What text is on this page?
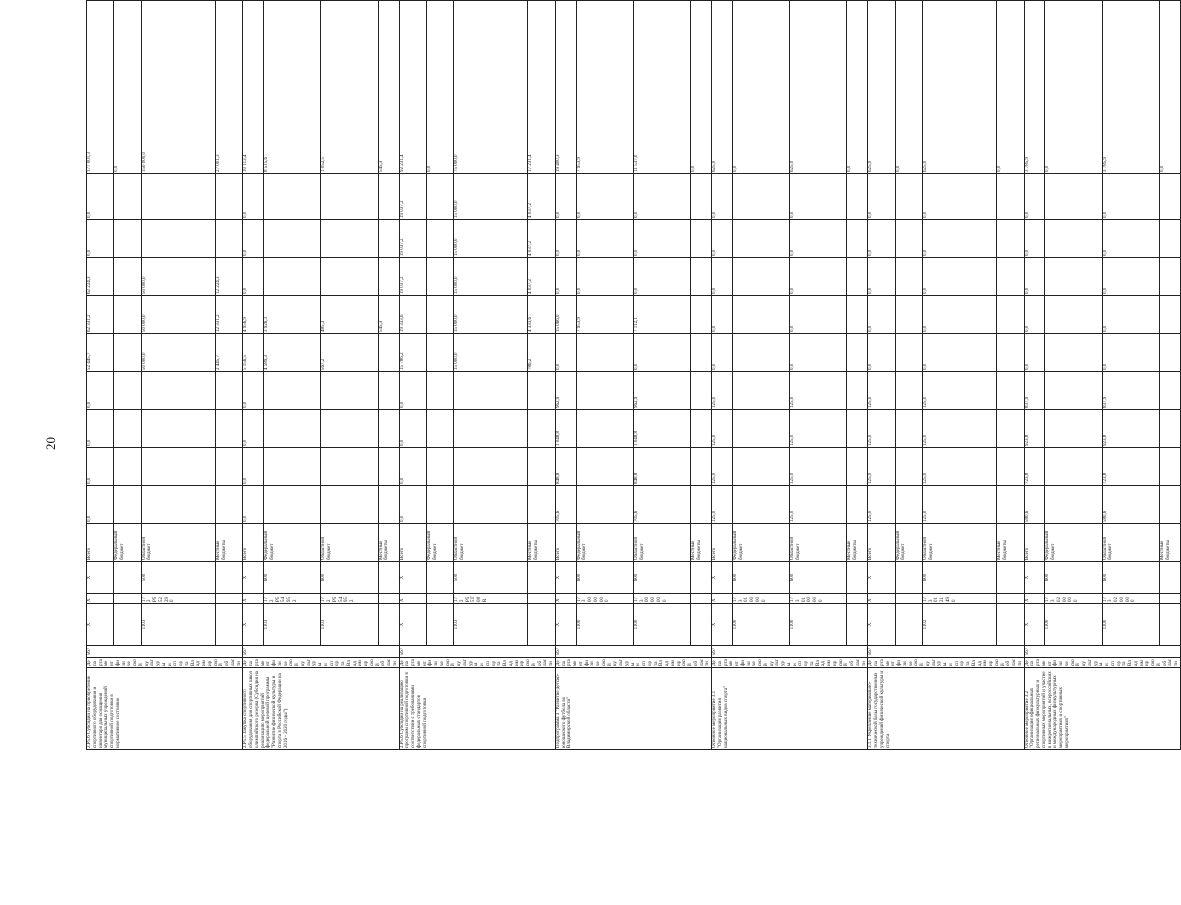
20
2.P5.6 Субсидии на приобретение спортивного оборудования и инвентаря для оснащения муниципальных учреждений спортивной подготовки в нормативное состояние	Департамент физической культуры и спорта Владимирской области	567	X	X	X	Всего	0,0	0,0	0,0	0,0	52 445,7	62 331,2	62 224,3	0,0	0,0	177 001,3
						Федеральный бюджет										0,0
			1103	17 2 P5 52290	500	Областной бюджет					50 000,0	50 000,0	50 000,0			150 000,0
						Местные бюджеты					2 445,7	12 331,2	12 224,3			27 001,3
2.P5.5 Закупка спортивного оборудования для спортивных школ олимпийского резерва (Субсидия на реализацию мероприятий федеральной целевой программы "Развитие физической культуры и спорта в Российской Федерации на 2016 - 2020 годы")	Департамент физической культуры и спорта Владимирской области	567	X	X	X	Всего	0,0	0,0	0,0	0,0	5 156,5	4 956,9	0,0	0,0	0,0	10 113,4
			1103	17 2 P5 54952	600	Федеральный бюджет					4 589,3	3 926,3				8 515,6
			1103	17 2 P5 54952	600	Областной бюджет					567,2	485,3				1 052,5
						Местные бюджеты						545,3				545,3
2.P5.6 Субсидии на реализацию программ спортивной подготовки в соответствии с требованиями федеральных стандартов спортивной подготовки	Департамент физической культуры и спорта Владимирской области	567	X	X	X	Всего	0,0	0,0	0,0	0,0	15 786,2	19 333,6	19 037,2	19 037,2	19 037,2	92 231,4
						Федеральный бюджет										0,0
			1103	17 2 P5 5Т08R	500	Областной бюджет					15 000,0	15 000,0	15 000,0	15 000,0	15 000,0	75 000,0
						Местные бюджеты					786,2	4 333,6	4 037,2	4 037,2	4 037,2	17 231,4
Подпрограмма 3 "Развитие детско-юношеского футбола во Владимирской области"	Департамент физической культуры и спорта Владимирской области	567	X	X	X	Всего	705,6	848,8	1 048,8	962,9	0,0	15 066,0	0,0	0,0	0,0	19 400,3
			1100	17 3 00 00000	600	Федеральный бюджет						7 953,9	0,0	0,0	0,0	7 953,9
			1100	17 3 00 00000	600	Областной бюджет	705,6	848,8	1 048,8	962,9	0,0	7 112,1	0,0	0,0	0,0	11 537,0
						Местные бюджеты										0,0
Основное мероприятие 3.1 "Организация развития национальных видов спорта"	Департамент физической культуры и спорта Владимирской области	567	X	X	X	Всего	125,0	125,0	125,0	125,0	0,0	0,0	0,0	0,0	0,0	625,0
			1100	17 3 01 00000	600	Федеральный бюджет										0,0
			1100	17 3 01 00000	600	Областной бюджет	125,0	125,0	125,0	125,0	0,0	0,0	0,0	0,0	0,0	625,0
						Местные бюджеты										0,0
3.1.1 Укрепление материально-технической базы государственных учреждений физической культуры и спорта	Департамент физической культуры и спорта Владимирской области	567	X	X	X	Всего	125,0	125,0	125,0	125,0	0,0	0,0	0,0	0,0	0,0	625,0
						Федеральный бюджет										0,0
			1102	17 3 01 21490	600	Областной бюджет	125,0	125,0	125,0	125,0	0,0	0,0	0,0	0,0	0,0	625,0
						Местные бюджеты										0,0
Основное мероприятие 3.2 "Организация официальных региональных физкультурных и спортивных мероприятий и участие в межрегиональных, всероссийских и международных физкультурных мероприятиях и спортивных мероприятиях"	Департамент физической культуры и спорта Владимирской области	567	X	X	X	Всего	580,6	723,8	923,8	837,9	0,0	0,0	0,0	0,0	0,0	3 785,9
			1100	17 3 02 00000	600	Федеральный бюджет										0,0
			1100	17 3 02 00000	600	Областной бюджет	580,6	723,8	923,8	837,9	0,0	0,0	0,0	0,0	0,0	3 785,9
						Местные бюджеты										0,0
